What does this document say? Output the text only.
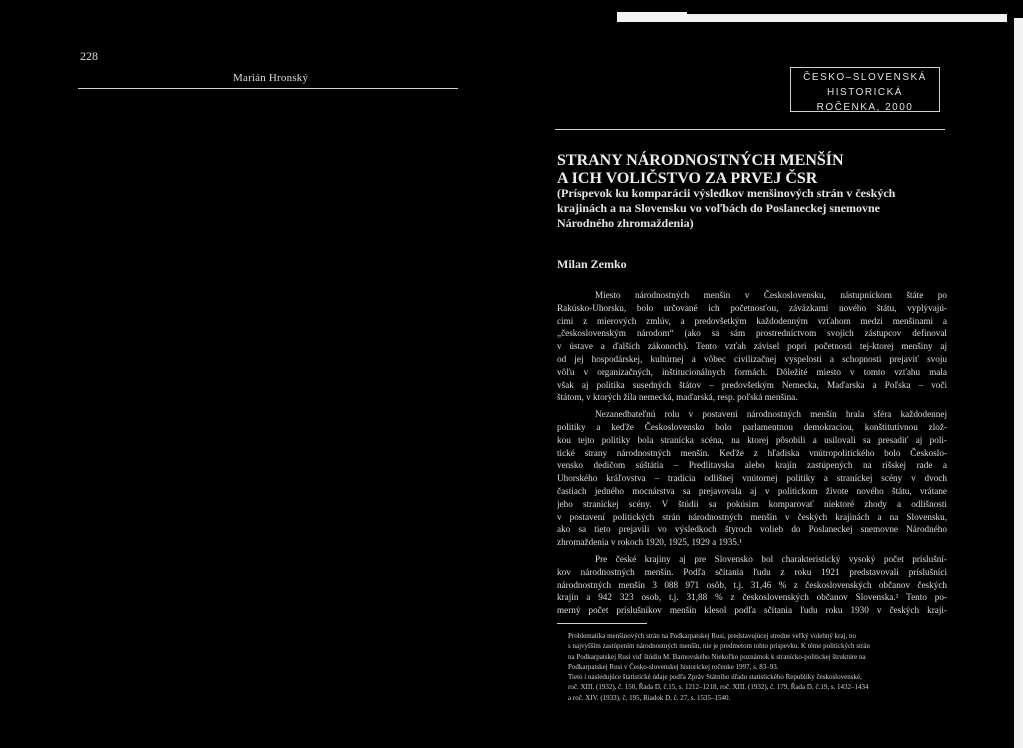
228
Marián Hronský	ČESKO–SLOVENSKÁ
HISTORICKÁ
ROČENKA, 2000
STRANY NÁRODNOSTNÝCH MENŠÍN
A ICH VOLIČSTVO ZA PRVEJ ČSR
(Príspevok ku komparácii výsledkov menšinových strán v českých
krajinách a na Slovensku vo voľbách do Poslaneckej snemovne
Národného zhromaždenia)
Milan Zemko
Miesto národnostných menšín v Československu, nástupníckom štáte po
Rakúsko-Uhorsku, bolo určované ich početnosťou, záväzkami nového štátu, vyplývajú-
cimi z mierových zmlúv, a predovšetkým každodenným vzťahom medzi menšinami a
„československým národom“ (ako sa sám prostredníctvom svojich zástupcov definoval
v ústave a ďalších zákonoch). Tento vzťah závisel popri početnosti tej-ktorej menšiny aj
od jej hospodárskej, kultúrnej a vôbec civilizačnej vyspelosti a schopnosti prejaviť svoju
vôľu v organizačných, inštitucionálnych formách. Dôležité miesto v tomto vzťahu mala
však aj politika susedných štátov – predovšetkým Nemecka, Maďarska a Poľska – voči
štátom, v ktorých žila nemecká, maďarská, resp. poľská menšina.
Nezanedbateľnú rolu v postavení národnostných menšín hrala sféra každodennej
politiky a keďže Československo bolo parlamentnou demokraciou, konštitutívnou zlož-
kou tejto politiky bola stranícka scéna, na ktorej pôsobili a usilovali sa presadiť aj poli-
tické strany národnostných menšín. Keďže z hľadiska vnútropolitického bolo Českoslo-
vensko dedičom súštátia – Predlitavska alebo krajín zastúpených na ríšskej rade a
Uhorského kráľovstva – tradícia odlišnej vnútornej politiky a straníckej scény v dvoch
častiach jedného mocnárstva sa prejavovala aj v politickom živote nového štátu, vrátane
jeho straníckej scény. V štúdii sa pokúsim komparovať niektoré zhody a odlišnosti
v postavení politických strán národnostných menšín v českých krajinách a na Slovensku,
ako sa tieto prejavili vo výsledkoch štyroch volieb do Poslaneckej snemovne Národného
zhromaždenia v rokoch 1920, 1925, 1929 a 1935.¹
Pre české krajiny aj pre Slovensko bol charakteristický vysoký počet príslušní-
kov národnostných menšín. Podľa sčítania ľudu z roku 1921 predstavovali príslušníci
národnostných menšín 3 088 971 osôb, t.j. 31,46 % z československých občanov českých
krajín a 942 323 osob, t.j. 31,88 % z československých občanov Slovenska.² Tento po-
merný počet príslušníkov menšín klesol podľa sčítania ľudu roku 1930 v českých kraji-
Problematika menšinových strán na Podkarpatskej Rusi, predstavujúcej stredne veľký volebný kraj, no
s najvyšším zastúpením národnostných menšín, nie je predmetom tohto príspevku. K téme politických strán
na Podkarpatskej Rusi viď štúdiu M. Barnovského Niekoľko poznámok k stranícko-politickej štruktúre na
Podkarpatskej Rusi v Česko-slovenskej historickej ročenke 1997, s. 83–93.
Tieto i nasledujúce štatistické údaje podľa Zpráv Státního úřadu statistického Republiky československé,
roč. XIII. (1932), č. 150, Řada D, č.15, s. 1212–1218, roč. XIII. (1932), č. 179, Řada D, č.19, s. 1432–1434
a roč. XIV. (1933), č. 195, Riadok D, č. 27, s. 1535–1540.
